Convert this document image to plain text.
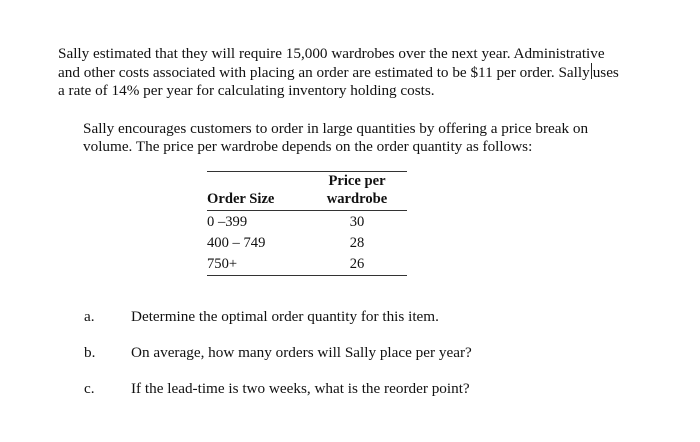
Sally estimated that they will require 15,000 wardrobes over the next year. Administrative
and other costs associated with placing an order are estimated to be $11 per order. Sally uses
a rate of 14% per year for calculating inventory holding costs.
Sally encourages customers to order in large quantities by offering a price break on
volume. The price per wardrobe depends on the order quantity as follows:
Order Size	Price per
wardrobe
0 –399	30
400 – 749	28
750+	26
a. Determine the optimal order quantity for this item.
b. On average, how many orders will Sally place per year?
c. If the lead-time is two weeks, what is the reorder point?
